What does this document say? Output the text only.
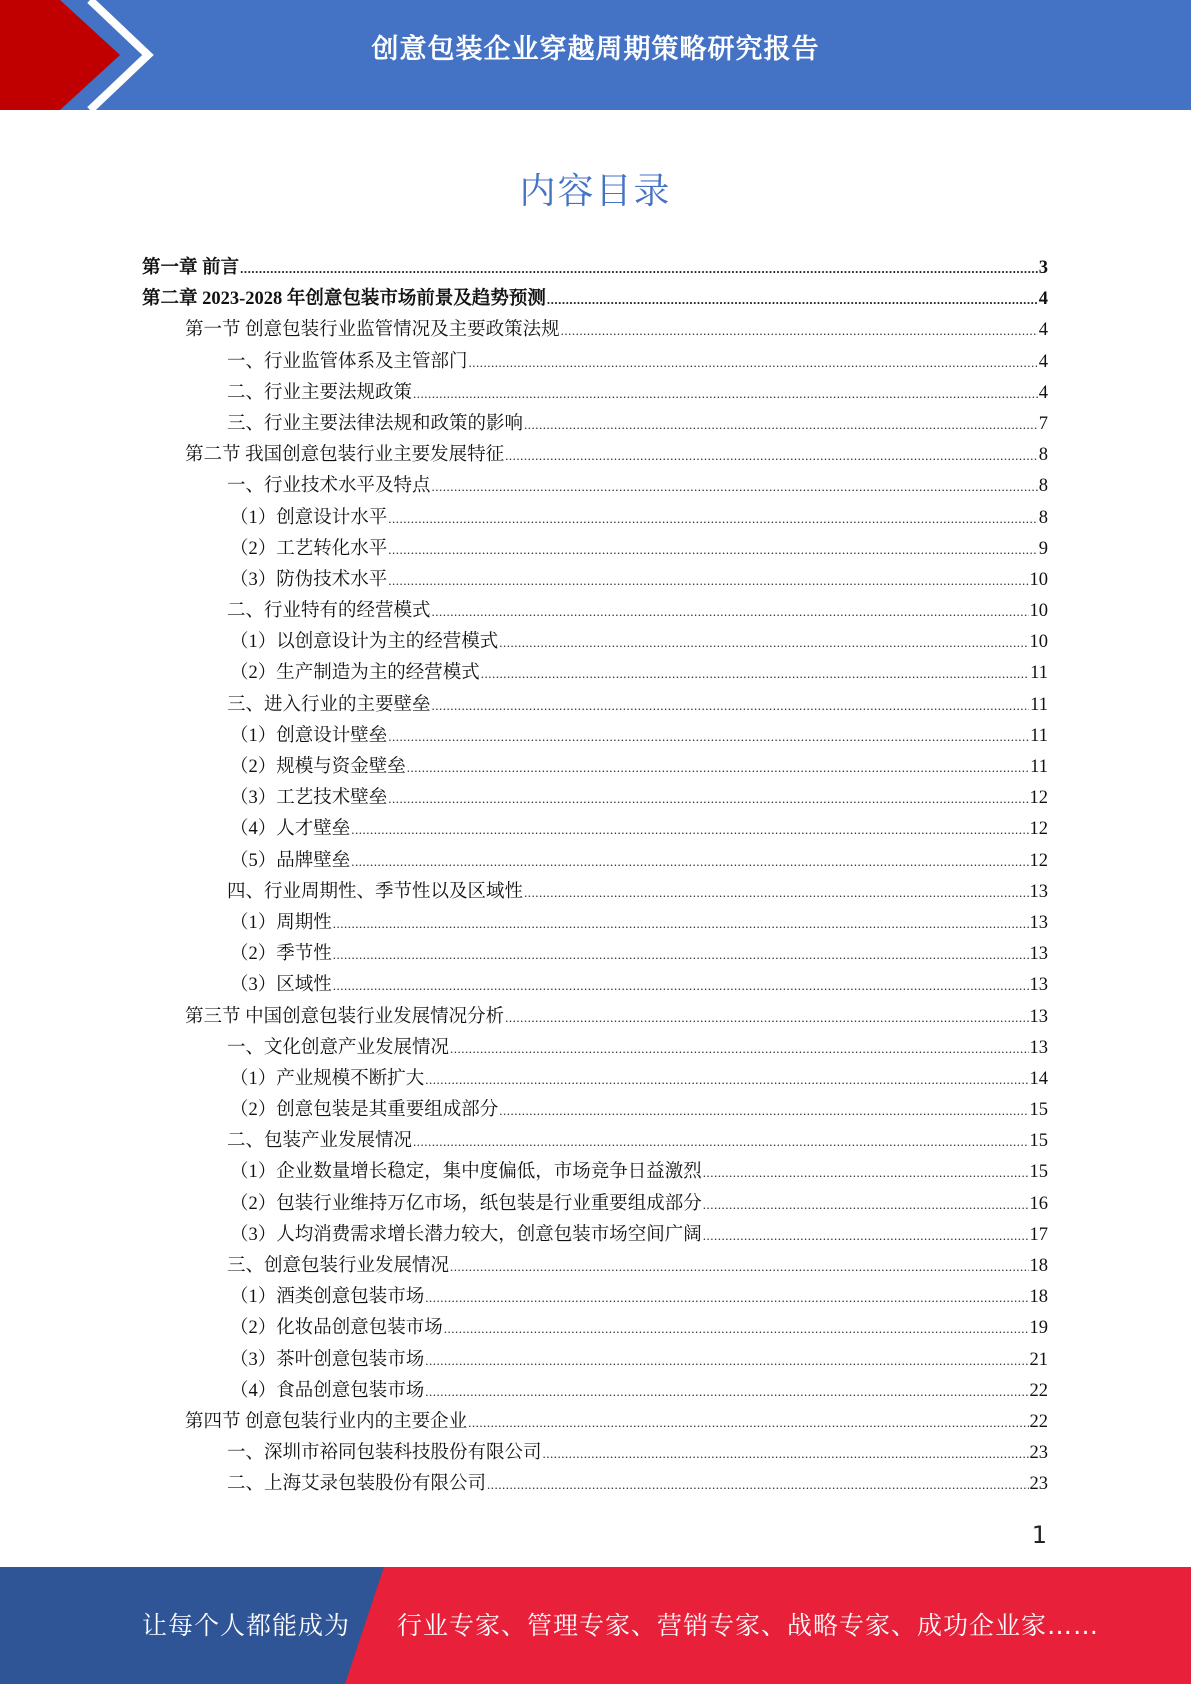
创意包装企业穿越周期策略研究报告
内容目录
第一章 前言 .....	3
第二章 2023-2028 年创意包装市场前景及趋势预测 .....	4
第一节 创意包装行业监管情况及主要政策法规 .....	4
一、行业监管体系及主管部门 .....	4
二、行业主要法规政策 .....	4
三、行业主要法律法规和政策的影响 .....	7
第二节 我国创意包装行业主要发展特征 .....	8
一、行业技术水平及特点 .....	8
（1）创意设计水平 .....	8
（2）工艺转化水平 .....	9
（3）防伪技术水平 .....	10
二、行业特有的经营模式 .....	10
（1）以创意设计为主的经营模式 .....	10
（2）生产制造为主的经营模式 .....	11
三、进入行业的主要壁垒 .....	11
（1）创意设计壁垒 .....	11
（2）规模与资金壁垒 .....	11
（3）工艺技术壁垒 .....	12
（4）人才壁垒 .....	12
（5）品牌壁垒 .....	12
四、行业周期性、季节性以及区域性 .....	13
（1）周期性 .....	13
（2）季节性 .....	13
（3）区域性 .....	13
第三节 中国创意包装行业发展情况分析 .....	13
一、文化创意产业发展情况 .....	13
（1）产业规模不断扩大 .....	14
（2）创意包装是其重要组成部分 .....	15
二、包装产业发展情况 .....	15
（1）企业数量增长稳定，集中度偏低，市场竞争日益激烈 .....	15
（2）包装行业维持万亿市场，纸包装是行业重要组成部分 .....	16
（3）人均消费需求增长潜力较大，创意包装市场空间广阔 .....	17
三、创意包装行业发展情况 .....	18
（1）酒类创意包装市场 .....	18
（2）化妆品创意包装市场 .....	19
（3）茶叶创意包装市场 .....	21
（4）食品创意包装市场 .....	22
第四节 创意包装行业内的主要企业 .....	22
一、深圳市裕同包装科技股份有限公司 .....	23
二、上海艾录包装股份有限公司 .....	23
1
让每个人都能成为 行业专家、管理专家、营销专家、战略专家、成功企业家……
